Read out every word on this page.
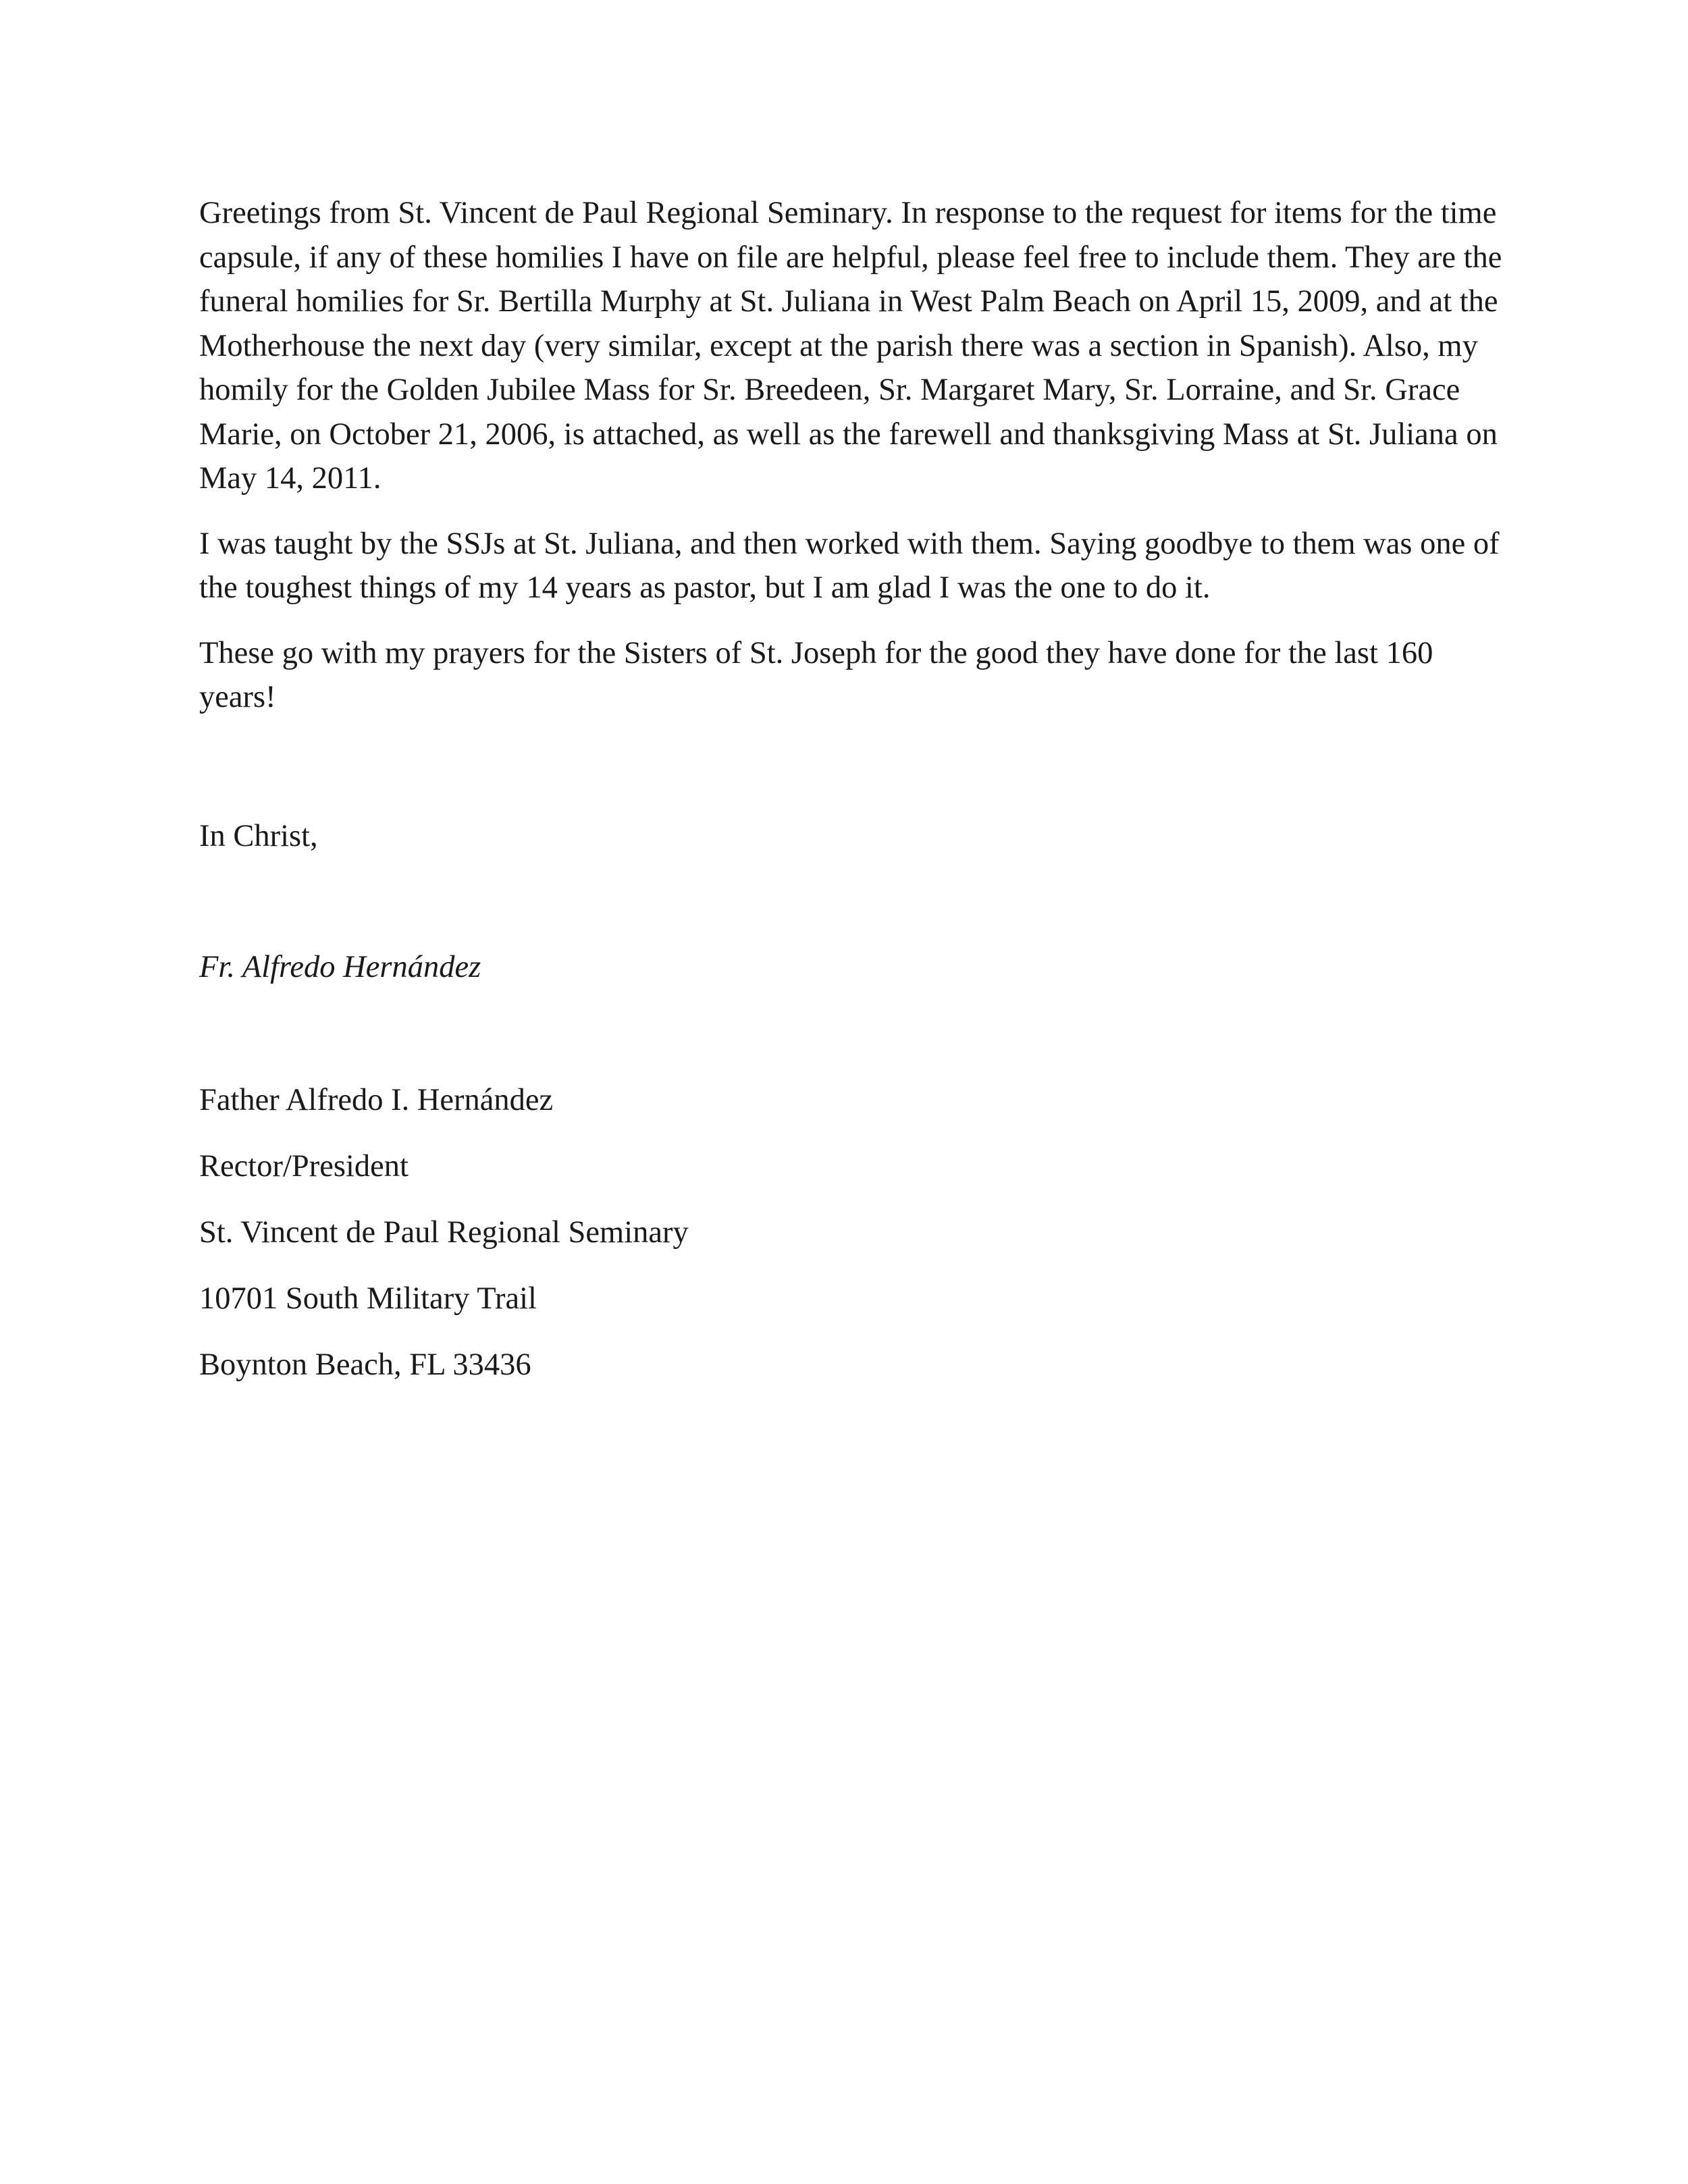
Greetings from St. Vincent de Paul Regional Seminary. In response to the request for items for the time capsule, if any of these homilies I have on file are helpful, please feel free to include them. They are the funeral homilies for Sr. Bertilla Murphy at St. Juliana in West Palm Beach on April 15, 2009, and at the Motherhouse the next day (very similar, except at the parish there was a section in Spanish). Also, my homily for the Golden Jubilee Mass for Sr. Breedeen, Sr. Margaret Mary, Sr. Lorraine, and Sr. Grace Marie, on October 21, 2006, is attached, as well as the farewell and thanksgiving Mass at St. Juliana on May 14, 2011.

I was taught by the SSJs at St. Juliana, and then worked with them. Saying goodbye to them was one of the toughest things of my 14 years as pastor, but I am glad I was the one to do it.

These go with my prayers for the Sisters of St. Joseph for the good they have done for the last 160 years!

In Christ,

Fr. Alfredo Hernández

Father Alfredo I. Hernández
Rector/President
St. Vincent de Paul Regional Seminary
10701 South Military Trail
Boynton Beach, FL 33436
